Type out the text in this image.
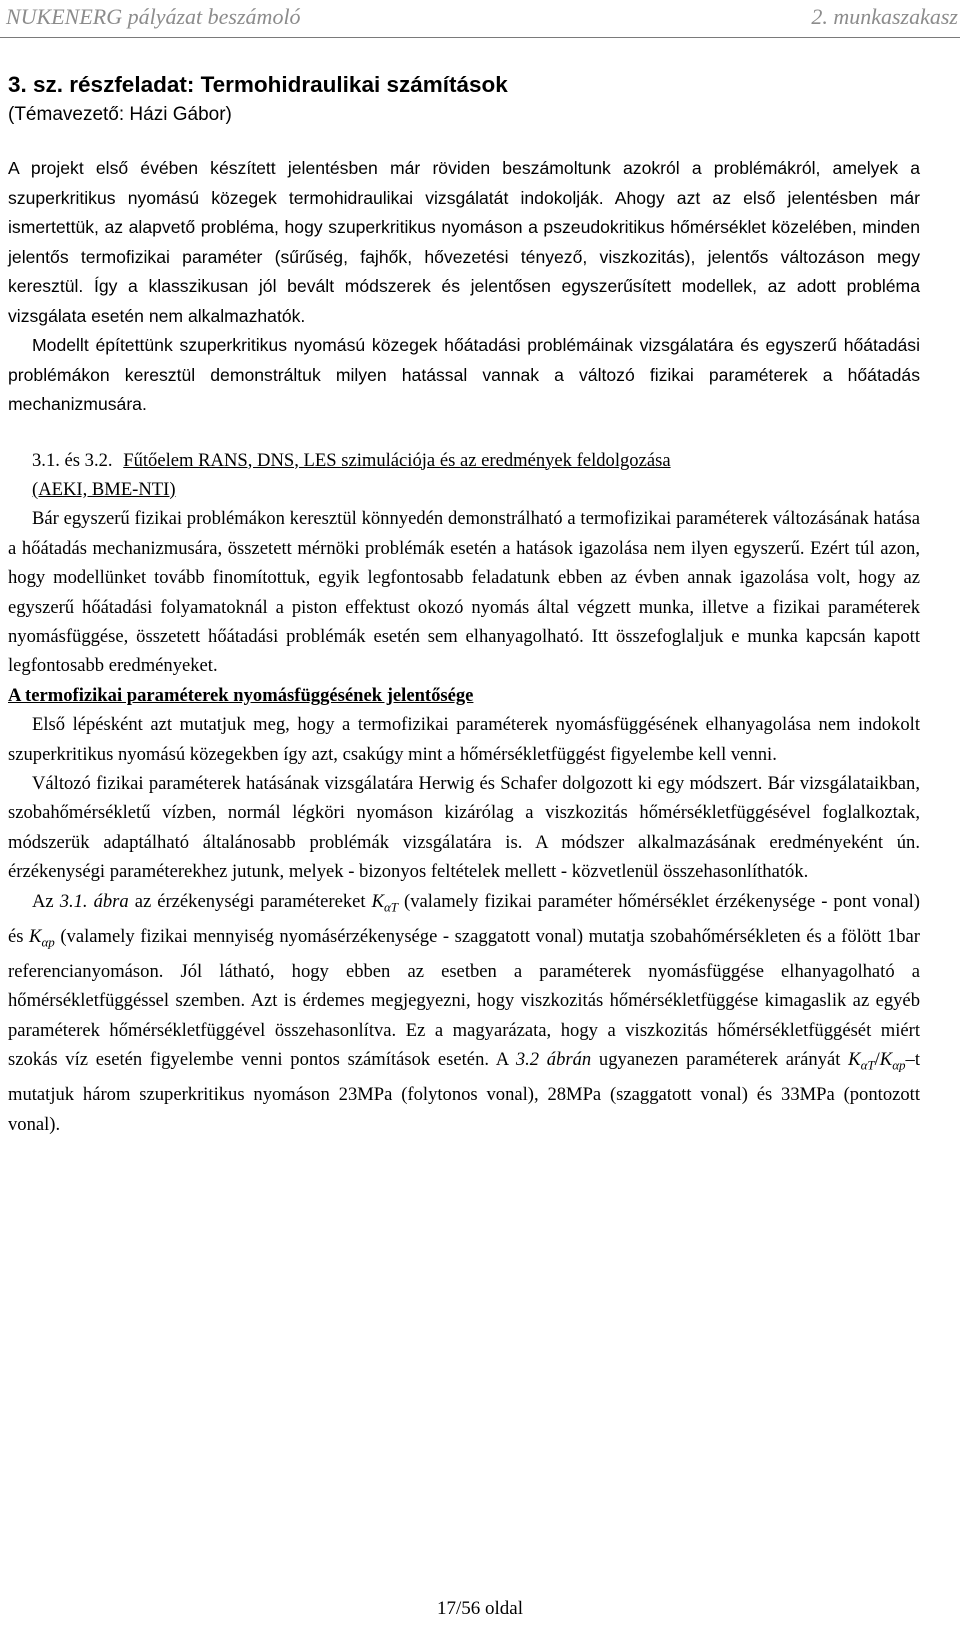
NUKENERG pályázat beszámoló	2. munkaszakasz
3. sz. részfeladat: Termohidraulikai számítások

(Témavezető: Házi Gábor)

A projekt első évében készített jelentésben már röviden beszámoltunk azokról a problémákról, amelyek a szuperkritikus nyomású közegek termohidraulikai vizsgálatát indokolják. Ahogy azt az első jelentésben már ismertettük, az alapvető probléma, hogy szuperkritikus nyomáson a pszeudokritikus hőmérséklet közelében, minden jelentős termofizikai paraméter (sűrűség, fajhők, hővezetési tényező, viszkozitás), jelentős változáson megy keresztül. Így a klasszikusan jól bevált módszerek és jelentősen egyszerűsített modellek, az adott probléma vizsgálata esetén nem alkalmazhatók.

Modellt építettünk szuperkritikus nyomású közegek hőátadási problémáinak vizsgálatára és egyszerű hőátadási problémákon keresztül demonstráltuk milyen hatással vannak a változó fizikai paraméterek a hőátadás mechanizmusára.

3.1. és 3.2. Fűtőelem RANS, DNS, LES szimulációja és az eredmények feldolgozása

(AEKI, BME-NTI)

Bár egyszerű fizikai problémákon keresztül könnyedén demonstrálható a termofizikai paraméterek változásának hatása a hőátadás mechanizmusára, összetett mérnöki problémák esetén a hatások igazolása nem ilyen egyszerű. Ezért túl azon, hogy modellünket tovább finomítottuk, egyik legfontosabb feladatunk ebben az évben annak igazolása volt, hogy az egyszerű hőátadási folyamatoknál a piston effektust okozó nyomás által végzett munka, illetve a fizikai paraméterek nyomásfüggése, összetett hőátadási problémák esetén sem elhanyagolható. Itt összefoglaljuk e munka kapcsán kapott legfontosabb eredményeket.

A termofizikai paraméterek nyomásfüggésének jelentősége

Első lépésként azt mutatjuk meg, hogy a termofizikai paraméterek nyomásfüggésének elhanyagolása nem indokolt szuperkritikus nyomású közegekben így azt, csakúgy mint a hőmérsékletfüggést figyelembe kell venni.

Változó fizikai paraméterek hatásának vizsgálatára Herwig és Schafer dolgozott ki egy módszert. Bár vizsgálataikban, szobahőmérsékletű vízben, normál légköri nyomáson kizárólag a viszkozitás hőmérsékletfüggésével foglalkoztak, módszerük adaptálható általánosabb problémák vizsgálatára is. A módszer alkalmazásának eredményeként ún. érzékenységi paraméterekhez jutunk, melyek - bizonyos feltételek mellett - közvetlenül összehasonlíthatók.

Az 3.1. ábra az érzékenységi paramétereket $K_{\alpha T}$ (valamely fizikai paraméter hőmérséklet érzékenysége - pont vonal) és $K_{\alpha p}$ (valamely fizikai mennyiség nyomásérzékenysége - szaggatott vonal) mutatja szobahőmérsékleten és a fölött 1bar referencianyomáson. Jól látható, hogy ebben az esetben a paraméterek nyomásfüggése elhanyagolható a hőmérsékletfüggéssel szemben. Azt is érdemes megjegyezni, hogy viszkozitás hőmérsékletfüggése kimagaslik az egyéb paraméterek hőmérsékletfüggével összehasonlítva. Ez a magyarázata, hogy a viszkozitás hőmérsékletfüggését miért szokás víz esetén figyelembe venni pontos számítások esetén. A 3.2 ábrán ugyanezen paraméterek arányát $K_{\alpha T}/K_{\alpha p}-t$ mutatjuk három szuperkritikus nyomáson 23MPa (folytonos vonal), 28MPa (szaggatott vonal) és 33MPa (pontozott vonal).

17/56 oldal
